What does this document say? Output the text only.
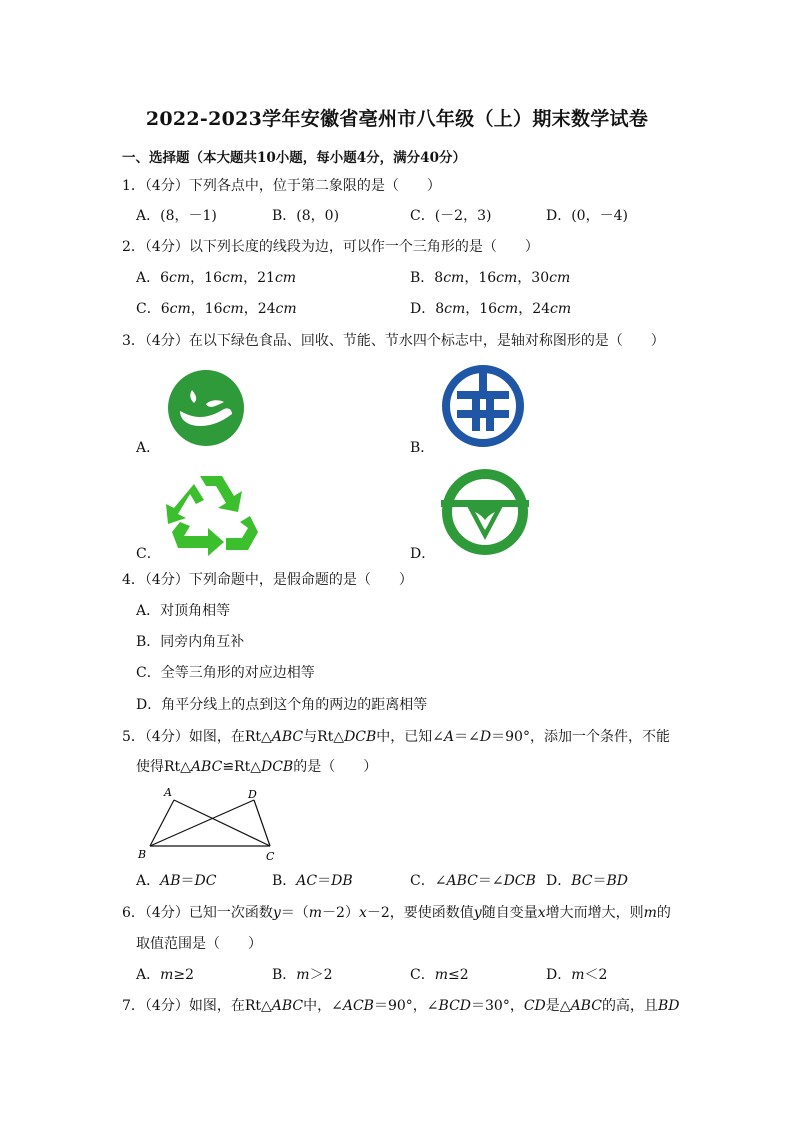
2022-2023学年安徽省亳州市八年级（上）期末数学试卷
一、选择题（本大题共10小题，每小题4分，满分40分）
1．（4分）下列各点中，位于第二象限的是（　　）
A．(8，－1)	B．(8，0)	C．(－2，3)	D．(0，－4)
2．（4分）以下列长度的线段为边，可以作一个三角形的是（　　）
A．6cm，16cm，21cm	B．8cm，16cm，30cm
C．6cm，16cm，24cm	D．8cm，16cm，24cm
3．（4分）在以下绿色食品、回收、节能、节水四个标志中，是轴对称图形的是（　　）
A．	B．
C．	D．
4．（4分）下列命题中，是假命题的是（　　）
A．对顶角相等
B．同旁内角互补
C．全等三角形的对应边相等
D．角平分线上的点到这个角的两边的距离相等
5．（4分）如图，在Rt△ABC与Rt△DCB中，已知∠A＝∠D＝90°，添加一个条件，不能
使得Rt△ABC≌Rt△DCB的是（　　）
A	D
B	C
A．AB＝DC	B．AC＝DB	C．∠ABC＝∠DCB D．BC＝BD
6．（4分）已知一次函数y＝（m－2）x－2，要使函数值y随自变量x增大而增大，则m的
取值范围是（　　）
A．m≥2	B．m＞2	C．m≤2	D．m＜2
7．（4分）如图，在Rt△ABC中，∠ACB＝90°，∠BCD＝30°，CD是△ABC的高，且BD
